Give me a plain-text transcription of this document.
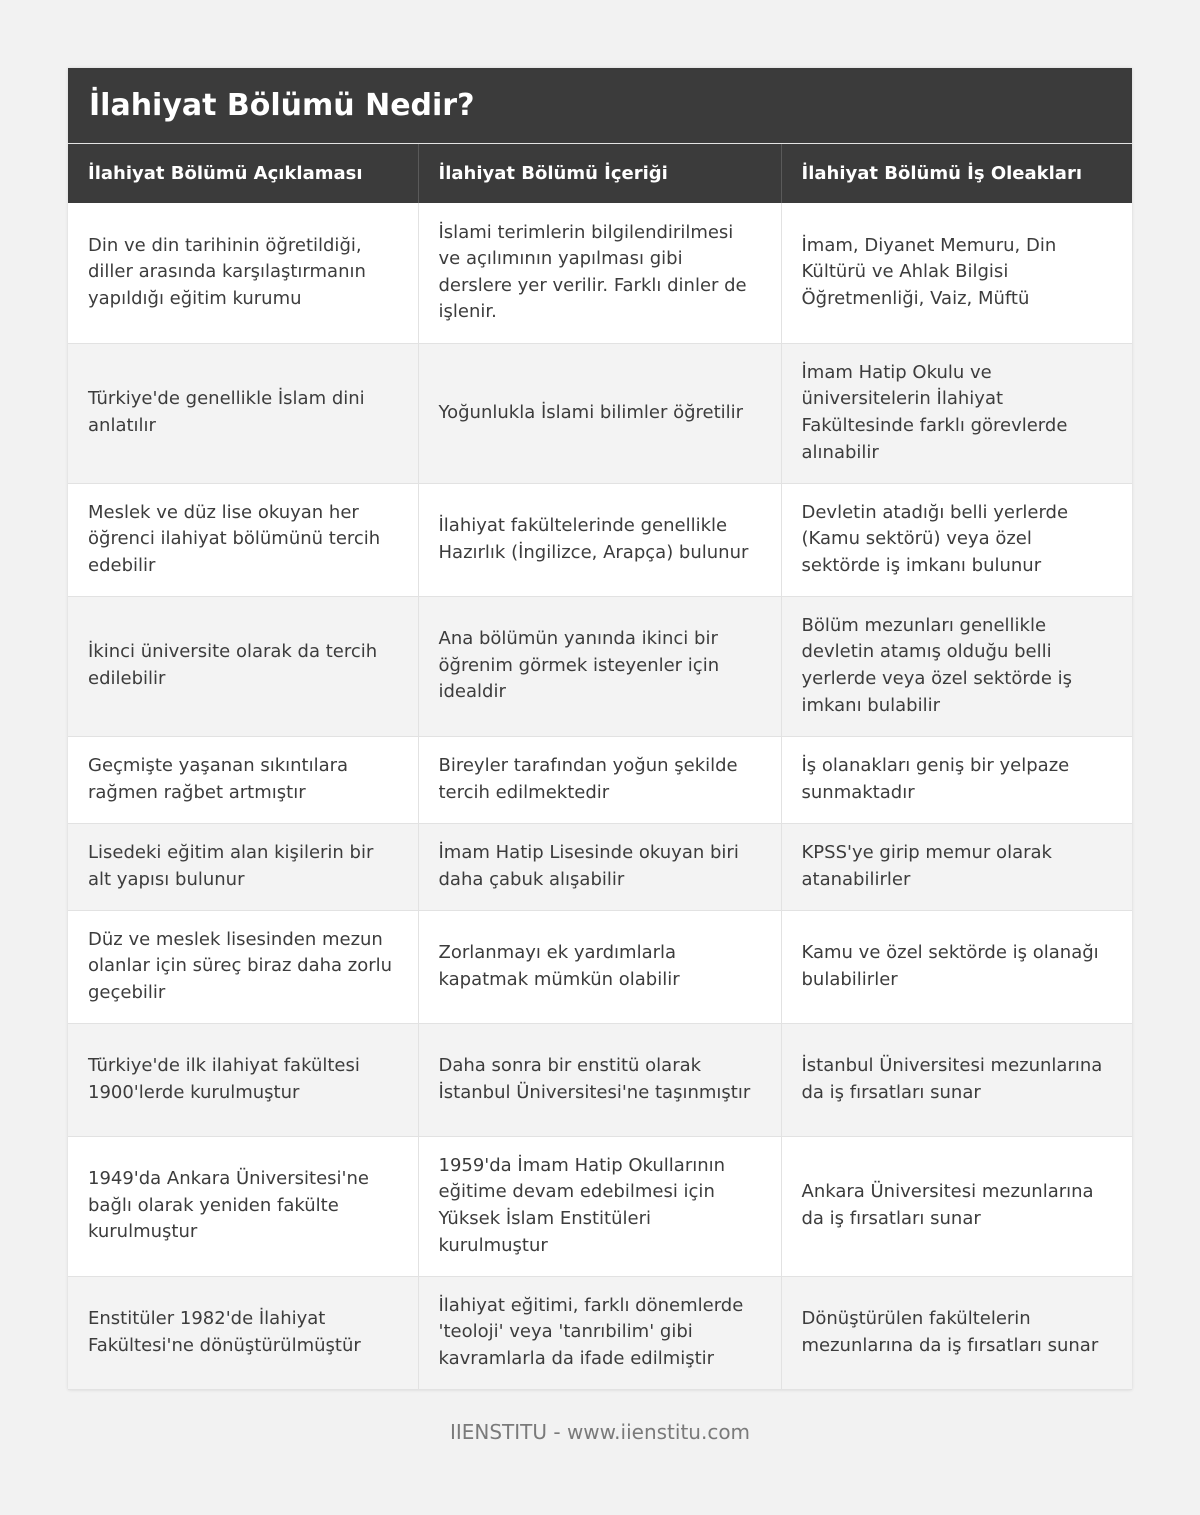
İlahiyat Bölümü Nedir?
İlahiyat Bölümü Açıklaması	İlahiyat Bölümü İçeriği	İlahiyat Bölümü İş Oleakları
Din ve din tarihinin öğretildiği, diller arasında karşılaştırmanın yapıldığı eğitim kurumu	İslami terimlerin bilgilendirilmesi ve açılımının yapılması gibi derslere yer verilir. Farklı dinler de işlenir.	İmam, Diyanet Memuru, Din Kültürü ve Ahlak Bilgisi Öğretmenliği, Vaiz, Müftü
Türkiye'de genellikle İslam dini anlatılır	Yoğunlukla İslami bilimler öğretilir	İmam Hatip Okulu ve üniversitelerin İlahiyat Fakültesinde farklı görevlerde alınabilir
Meslek ve düz lise okuyan her öğrenci ilahiyat bölümünü tercih edebilir	İlahiyat fakültelerinde genellikle Hazırlık (İngilizce, Arapça) bulunur	Devletin atadığı belli yerlerde (Kamu sektörü) veya özel sektörde iş imkanı bulunur
İkinci üniversite olarak da tercih edilebilir	Ana bölümün yanında ikinci bir öğrenim görmek isteyenler için idealdir	Bölüm mezunları genellikle devletin atamış olduğu belli yerlerde veya özel sektörde iş imkanı bulabilir
Geçmişte yaşanan sıkıntılara rağmen rağbet artmıştır	Bireyler tarafından yoğun şekilde tercih edilmektedir	İş olanakları geniş bir yelpaze sunmaktadır
Lisedeki eğitim alan kişilerin bir alt yapısı bulunur	İmam Hatip Lisesinde okuyan biri daha çabuk alışabilir	KPSS'ye girip memur olarak atanabilirler
Düz ve meslek lisesinden mezun olanlar için süreç biraz daha zorlu geçebilir	Zorlanmayı ek yardımlarla kapatmak mümkün olabilir	Kamu ve özel sektörde iş olanağı bulabilirler
Türkiye'de ilk ilahiyat fakültesi 1900'lerde kurulmuştur	Daha sonra bir enstitü olarak İstanbul Üniversitesi'ne taşınmıştır	İstanbul Üniversitesi mezunlarına da iş fırsatları sunar
1949'da Ankara Üniversitesi'ne bağlı olarak yeniden fakülte kurulmuştur	1959'da İmam Hatip Okullarının eğitime devam edebilmesi için Yüksek İslam Enstitüleri kurulmuştur	Ankara Üniversitesi mezunlarına da iş fırsatları sunar
Enstitüler 1982'de İlahiyat Fakültesi'ne dönüştürülmüştür	İlahiyat eğitimi, farklı dönemlerde 'teoloji' veya 'tanrıbilim' gibi kavramlarla da ifade edilmiştir	Dönüştürülen fakültelerin mezunlarına da iş fırsatları sunar
IIENSTITU - www.iienstitu.com
